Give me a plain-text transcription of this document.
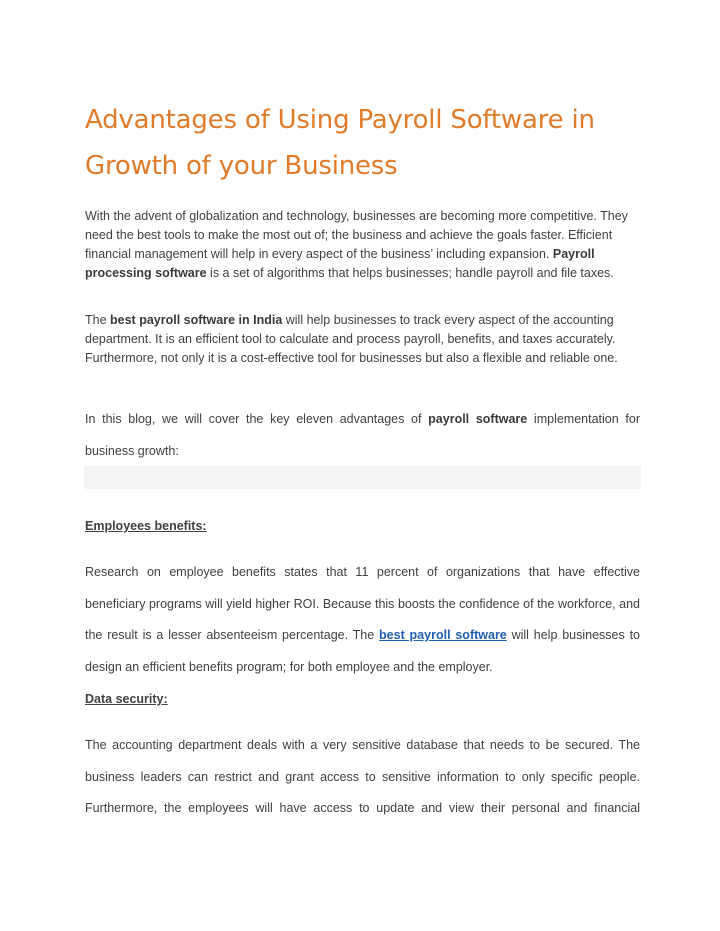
Advantages of Using Payroll Software in Growth of your Business

With the advent of globalization and technology, businesses are becoming more competitive. They need the best tools to make the most out of; the business and achieve the goals faster. Efficient financial management will help in every aspect of the business’ including expansion. Payroll processing software is a set of algorithms that helps businesses; handle payroll and file taxes.

The best payroll software in India will help businesses to track every aspect of the accounting department. It is an efficient tool to calculate and process payroll, benefits, and taxes accurately. Furthermore, not only it is a cost-effective tool for businesses but also a flexible and reliable one.

In this blog, we will cover the key eleven advantages of payroll software implementation for business growth:

Employees benefits:

Research on employee benefits states that 11 percent of organizations that have effective beneficiary programs will yield higher ROI. Because this boosts the confidence of the workforce, and the result is a lesser absenteeism percentage. The best payroll software will help businesses to design an efficient benefits program; for both employee and the employer.

Data security:

The accounting department deals with a very sensitive database that needs to be secured. The business leaders can restrict and grant access to sensitive information to only specific people. Furthermore, the employees will have access to update and view their personal and financial
